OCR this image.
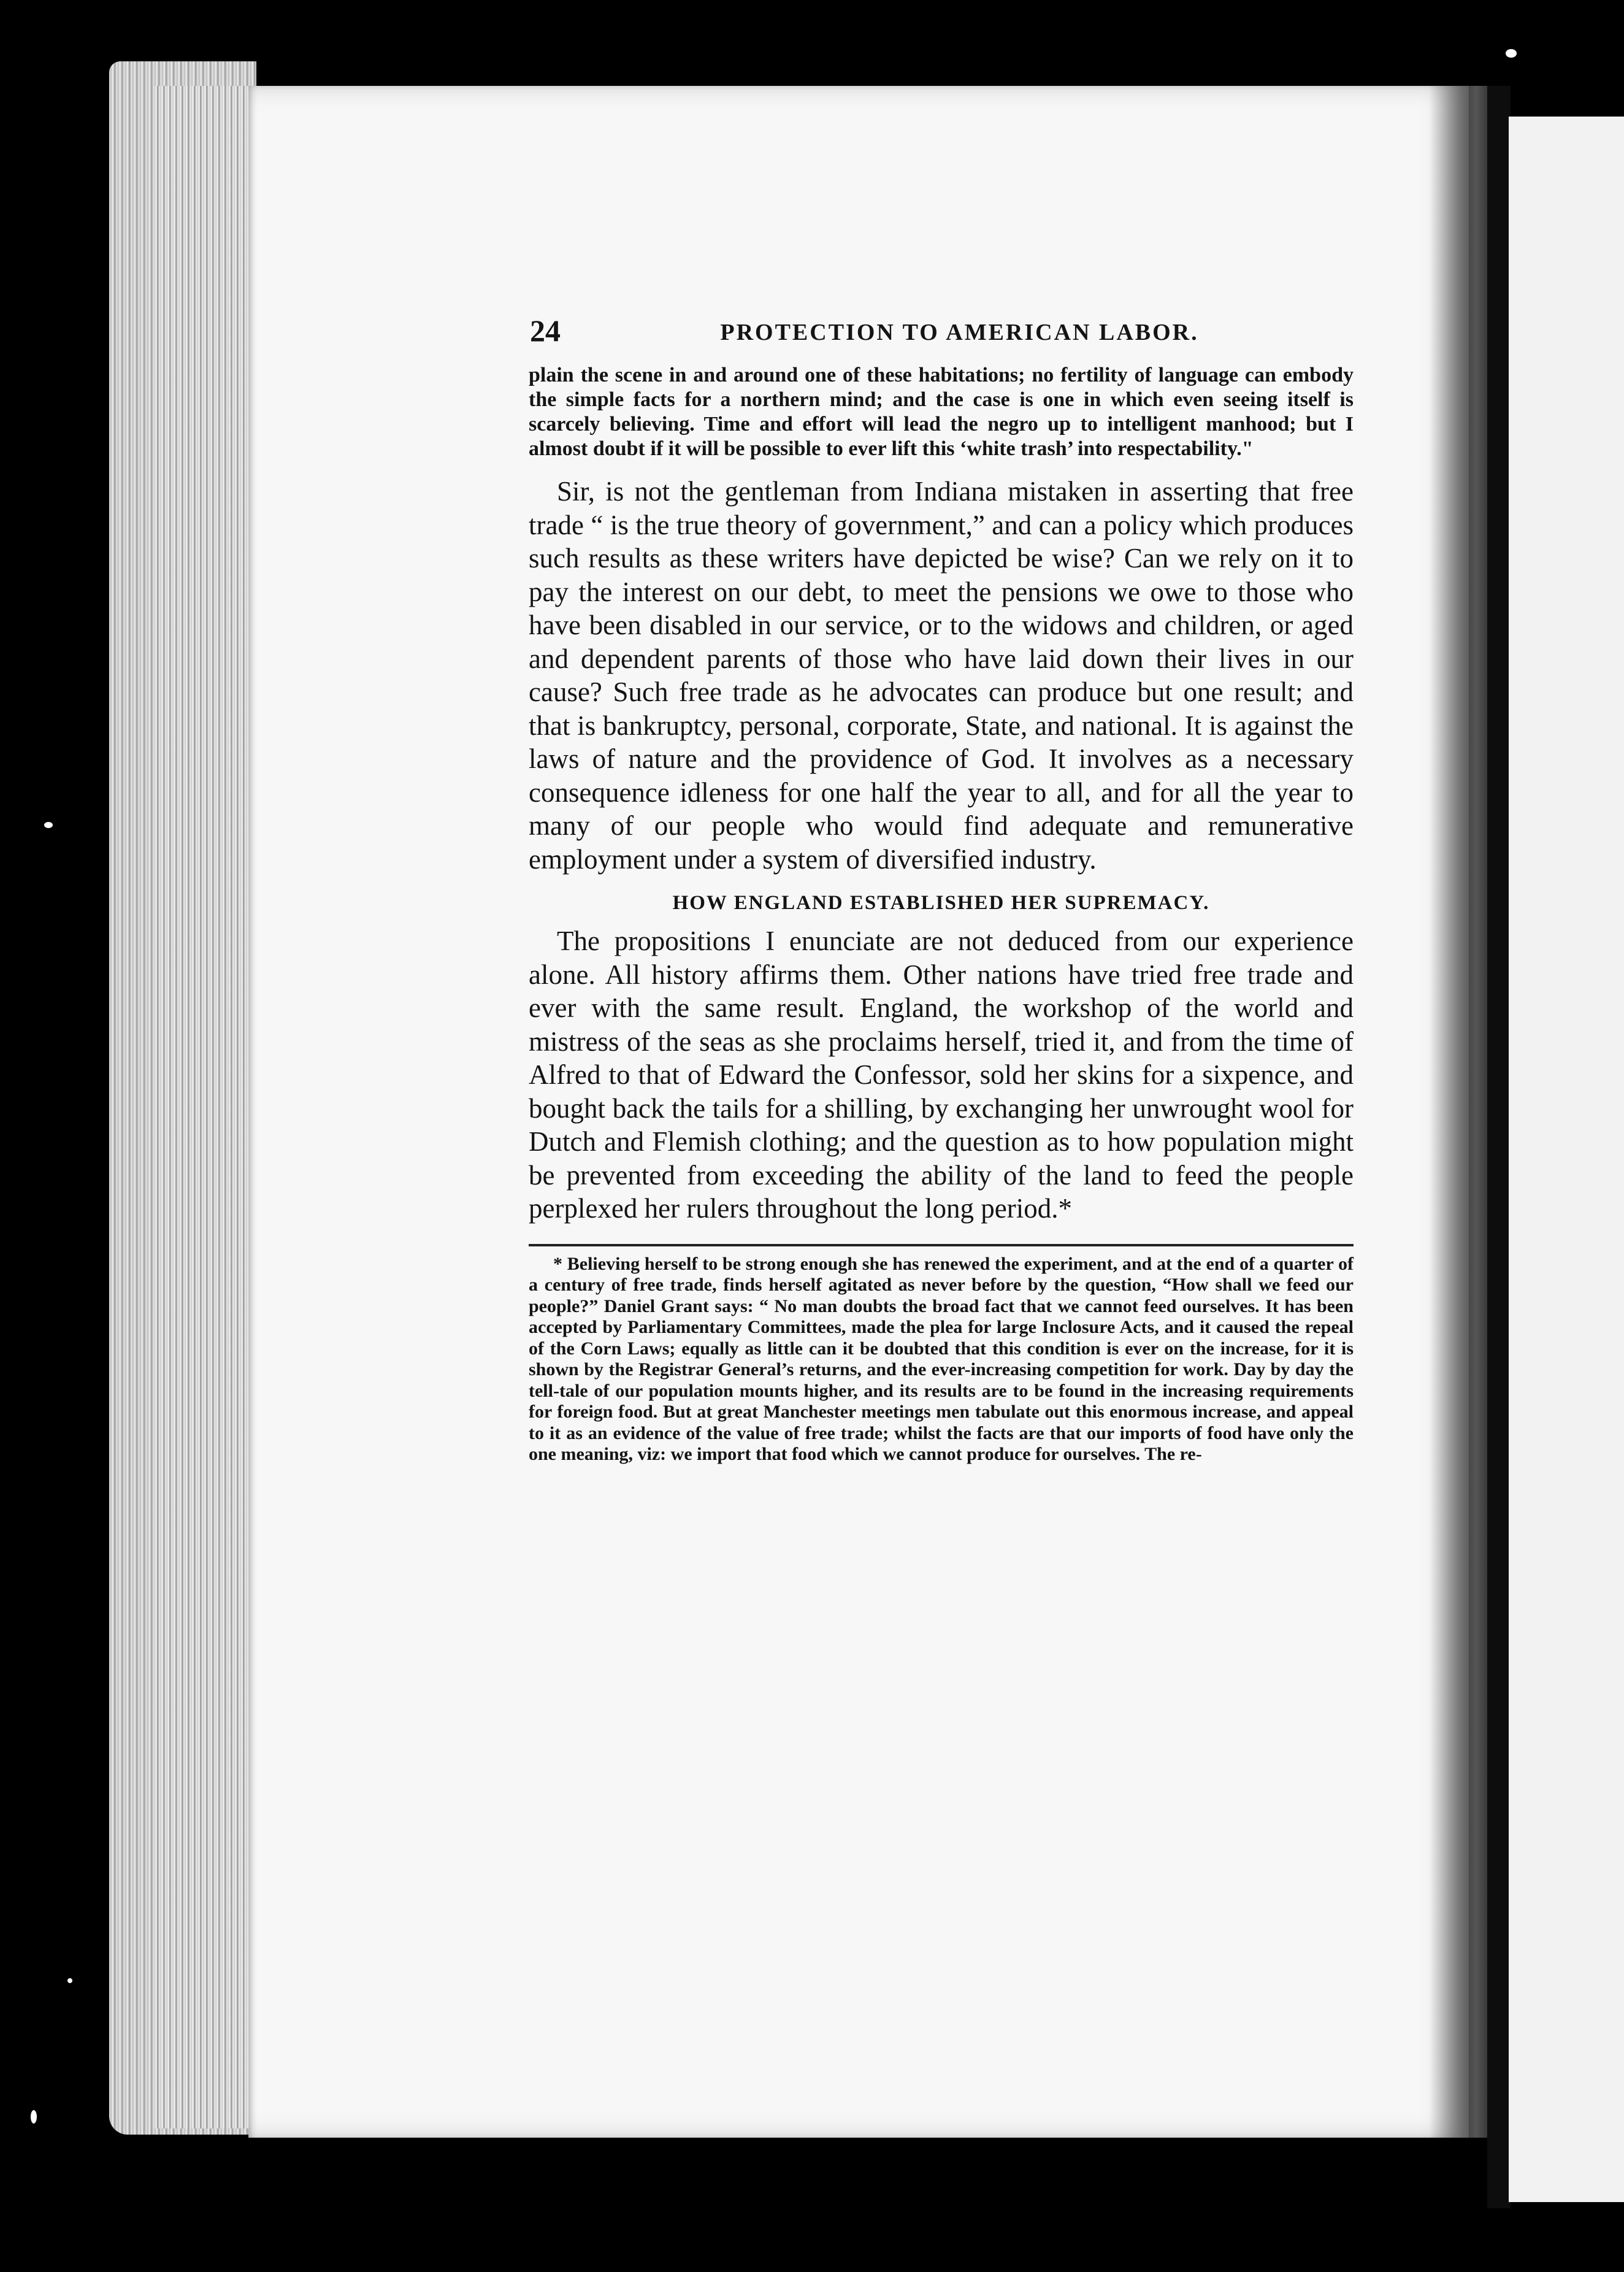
24	PROTECTION TO AMERICAN LABOR.

plain the scene in and around one of these habitations; no fertility of language can embody the simple facts for a northern mind; and the case is one in which even seeing itself is scarcely believing. Time and effort will lead the negro up to intelligent manhood; but I almost doubt if it will be possible to ever lift this ‘white trash’ into respectability."

Sir, is not the gentleman from Indiana mistaken in asserting that free trade “ is the true theory of government,” and can a policy which produces such results as these writers have depicted be wise? Can we rely on it to pay the interest on our debt, to meet the pensions we owe to those who have been disabled in our service, or to the widows and children, or aged and dependent parents of those who have laid down their lives in our cause? Such free trade as he advocates can produce but one result; and that is bankruptcy, personal, corporate, State, and national. It is against the laws of nature and the providence of God. It involves as a necessary consequence idleness for one half the year to all, and for all the year to many of our people who would find adequate and remunerative employment under a system of diversified industry.

HOW ENGLAND ESTABLISHED HER SUPREMACY.

The propositions I enunciate are not deduced from our experience alone. All history affirms them. Other nations have tried free trade and ever with the same result. England, the workshop of the world and mistress of the seas as she proclaims herself, tried it, and from the time of Alfred to that of Edward the Confessor, sold her skins for a sixpence, and bought back the tails for a shilling, by exchanging her unwrought wool for Dutch and Flemish clothing; and the question as to how population might be prevented from exceeding the ability of the land to feed the people perplexed her rulers throughout the long period.*

* Believing herself to be strong enough she has renewed the experiment, and at the end of a quarter of a century of free trade, finds herself agitated as never before by the question, “How shall we feed our people?” Daniel Grant says: “ No man doubts the broad fact that we cannot feed ourselves. It has been accepted by Parliamentary Committees, made the plea for large Inclosure Acts, and it caused the repeal of the Corn Laws; equally as little can it be doubted that this condition is ever on the increase, for it is shown by the Registrar General’s returns, and the ever-increasing competition for work. Day by day the tell-tale of our population mounts higher, and its results are to be found in the increasing requirements for foreign food. But at great Manchester meetings men tabulate out this enormous increase, and appeal to it as an evidence of the value of free trade; whilst the facts are that our imports of food have only the one meaning, viz: we import that food which we cannot produce for ourselves. The re-
